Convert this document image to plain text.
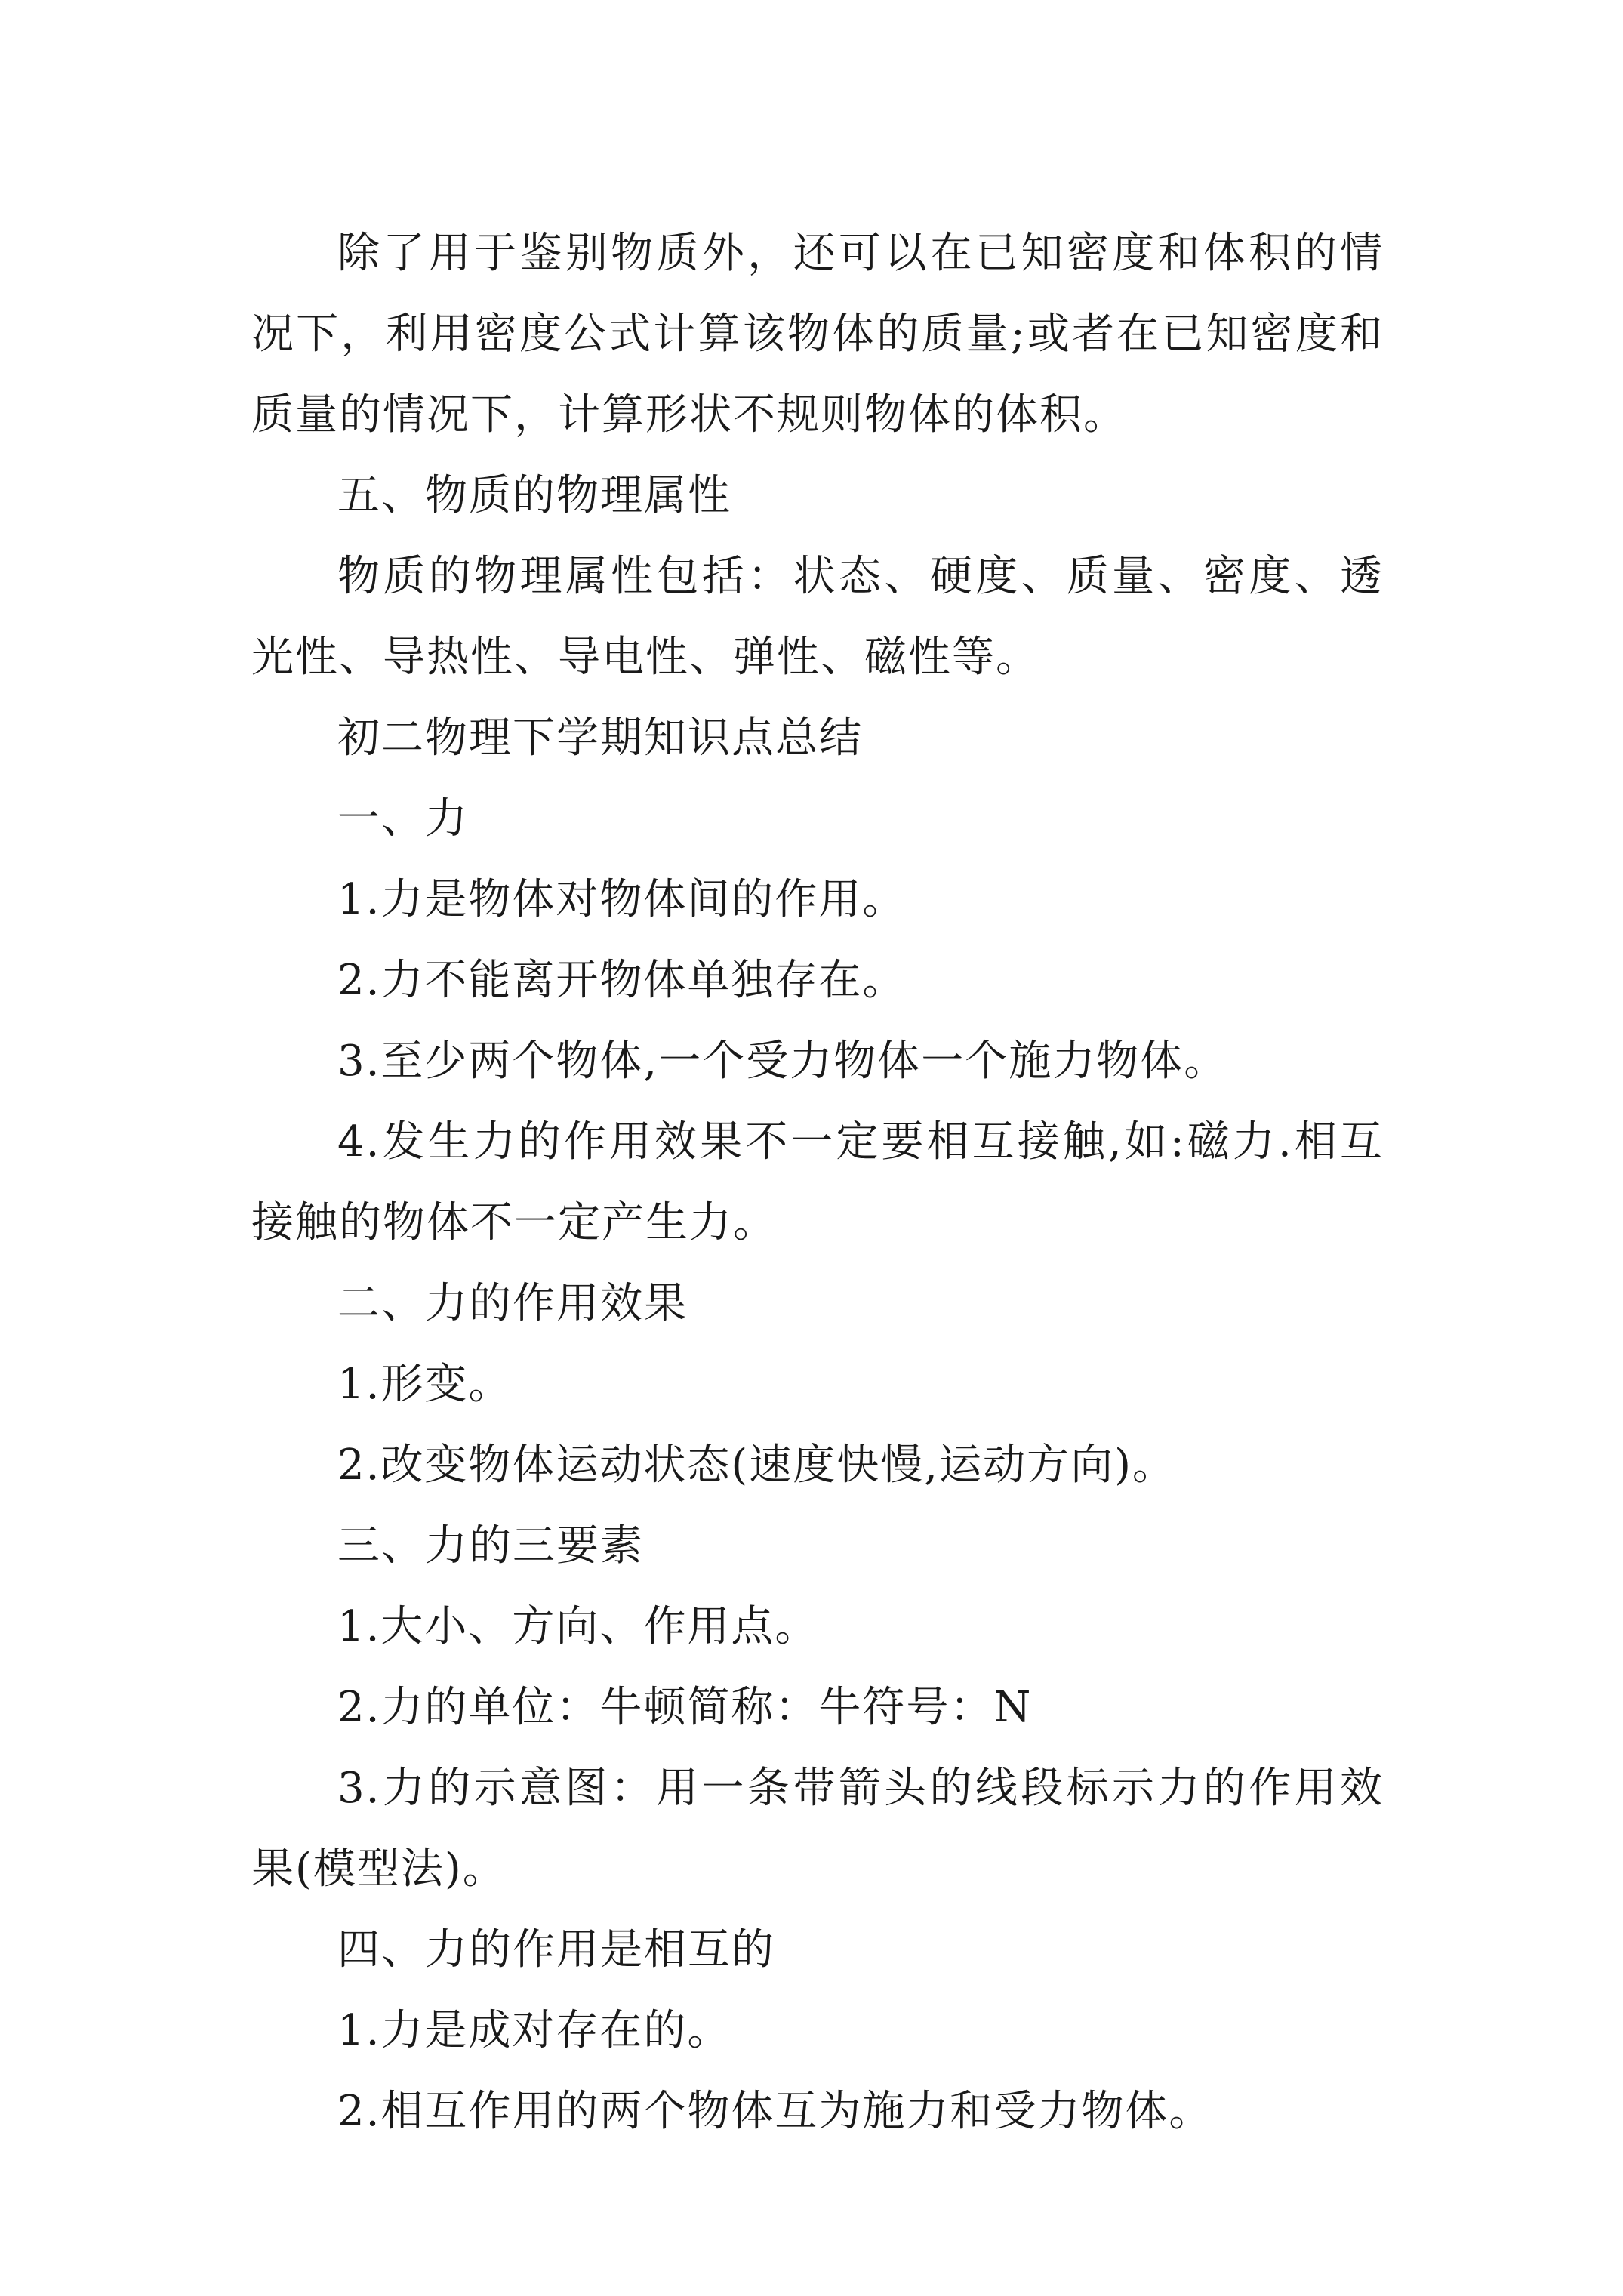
除了用于鉴别物质外，还可以在已知密度和体积的情况下，利用密度公式计算该物体的质量;或者在已知密度和质量的情况下，计算形状不规则物体的体积。

五、物质的物理属性

物质的物理属性包括：状态、硬度、质量、密度、透光性、导热性、导电性、弹性、磁性等。

初二物理下学期知识点总结

一、力

1.力是物体对物体间的作用。

2.力不能离开物体单独存在。

3.至少两个物体,一个受力物体一个施力物体。

4.发生力的作用效果不一定要相互接触,如:磁力.相互接触的物体不一定产生力。

二、力的作用效果

1.形变。

2.改变物体运动状态(速度快慢,运动方向)。

三、力的三要素

1.大小、方向、作用点。

2.力的单位：牛顿简称：牛符号：N

3.力的示意图：用一条带箭头的线段标示力的作用效果(模型法)。

四、力的作用是相互的

1.力是成对存在的。

2.相互作用的两个物体互为施力和受力物体。
